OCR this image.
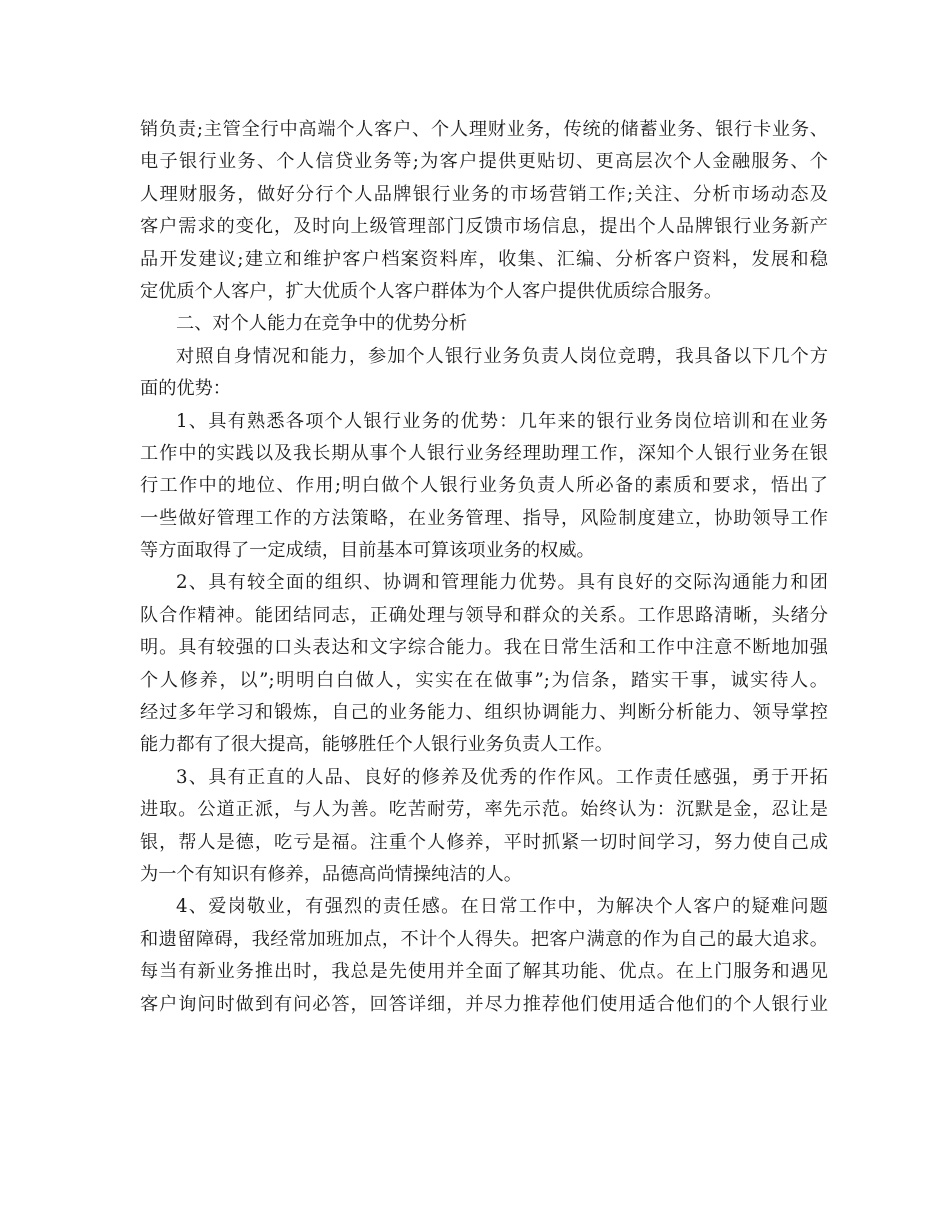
销负责;主管全行中高端个人客户、个人理财业务，传统的储蓄业务、银行卡业务、
电子银行业务、个人信贷业务等;为客户提供更贴切、更高层次个人金融服务、个
人理财服务，做好分行个人品牌银行业务的市场营销工作;关注、分析市场动态及
客户需求的变化，及时向上级管理部门反馈市场信息，提出个人品牌银行业务新产
品开发建议;建立和维护客户档案资料库，收集、汇编、分析客户资料，发展和稳
定优质个人客户，扩大优质个人客户群体为个人客户提供优质综合服务。
二、对个人能力在竞争中的优势分析
对照自身情况和能力，参加个人银行业务负责人岗位竞聘，我具备以下几个方
面的优势：
1、具有熟悉各项个人银行业务的优势：几年来的银行业务岗位培训和在业务
工作中的实践以及我长期从事个人银行业务经理助理工作，深知个人银行业务在银
行工作中的地位、作用;明白做个人银行业务负责人所必备的素质和要求，悟出了
一些做好管理工作的方法策略，在业务管理、指导，风险制度建立，协助领导工作
等方面取得了一定成绩，目前基本可算该项业务的权威。
2、具有较全面的组织、协调和管理能力优势。具有良好的交际沟通能力和团
队合作精神。能团结同志，正确处理与领导和群众的关系。工作思路清晰，头绪分
明。具有较强的口头表达和文字综合能力。我在日常生活和工作中注意不断地加强
个人修养，以”;明明白白做人，实实在在做事”;为信条，踏实干事，诚实待人。
经过多年学习和锻炼，自己的业务能力、组织协调能力、判断分析能力、领导掌控
能力都有了很大提高，能够胜任个人银行业务负责人工作。
3、具有正直的人品、良好的修养及优秀的作作风。工作责任感强，勇于开拓
进取。公道正派，与人为善。吃苦耐劳，率先示范。始终认为：沉默是金，忍让是
银，帮人是德，吃亏是福。注重个人修养，平时抓紧一切时间学习，努力使自己成
为一个有知识有修养，品德高尚情操纯洁的人。
4、爱岗敬业，有强烈的责任感。在日常工作中，为解决个人客户的疑难问题
和遗留障碍，我经常加班加点，不计个人得失。把客户满意的作为自己的最大追求。
每当有新业务推出时，我总是先使用并全面了解其功能、优点。在上门服务和遇见
客户询问时做到有问必答，回答详细，并尽力推荐他们使用适合他们的个人银行业
